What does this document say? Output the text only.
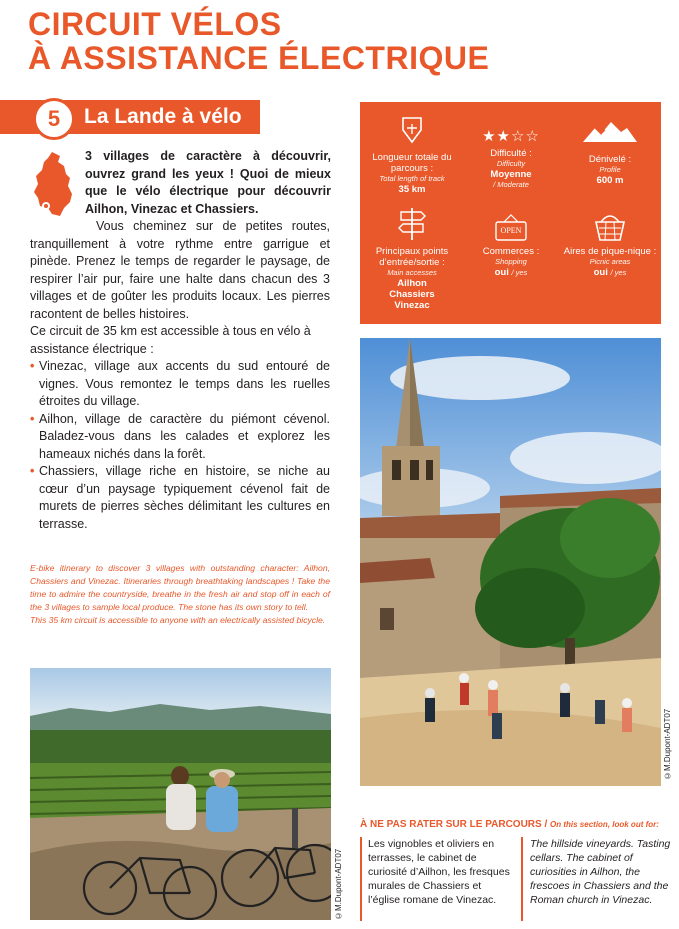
CIRCUIT VÉLOS
À ASSISTANCE ÉLECTRIQUE
5	La Lande à vélo
3 villages de caractère à découvrir, ouvrez grand les yeux ! Quoi de mieux que le vélo électrique pour découvrir Ailhon, Vinezac et Chassiers.
Vous cheminez sur de petites routes, tranquillement à votre rythme entre garrigue et pinède. Prenez le temps de regarder le paysage, de respirer l’air pur, faire une halte dans chacun des 3 villages et de goûter les produits locaux. Les pierres racontent de belles histoires.
Ce circuit de 35 km est accessible à tous en vélo à assistance électrique :
• Vinezac, village aux accents du sud entouré de vignes. Vous remontez le temps dans les ruelles étroites du village.
• Ailhon, village de caractère du piémont cévenol. Baladez-vous dans les calades et explorez les hameaux nichés dans la forêt.
• Chassiers, village riche en histoire, se niche au cœur d’un paysage typiquement cévenol fait de murets de pierres sèches délimitant les cultures en terrasse.
E-bike itinerary to discover 3 villages with outstanding character: Ailhon, Chassiers and Vinezac. Itineraries through breathtaking landscapes ! Take the time to admire the countryside, breathe in the fresh air and stop off in each of the 3 villages to sample local produce. The stone has its own story to tell.
This 35 km circuit is accessible to anyone with an electrically assisted bicycle.
©M.Dupont-ADT07
Longueur totale du parcours :
Total length of track
35 km
★★☆☆
Difficulté :
Difficulty
Moyenne
/ Moderate
Dénivelé :
Profile
600 m
Principaux points d’entrée/sortie :
Main accesses
Ailhon
Chassiers
Vinezac
OPEN
Commerces :
Shopping
oui / yes
Aires de pique-nique :
Picnic areas
oui / yes
©M.Dupont-ADT07
À NE PAS RATER SUR LE PARCOURS / On this section, look out for:
Les vignobles et oliviers en terrasses, le cabinet de curiosité d’Ailhon, les fresques murales de Chassiers et l’église romane de Vinezac.
The hillside vineyards. Tasting cellars. The cabinet of curiosities in Ailhon, the frescoes in Chassiers and the Roman church in Vinezac.
